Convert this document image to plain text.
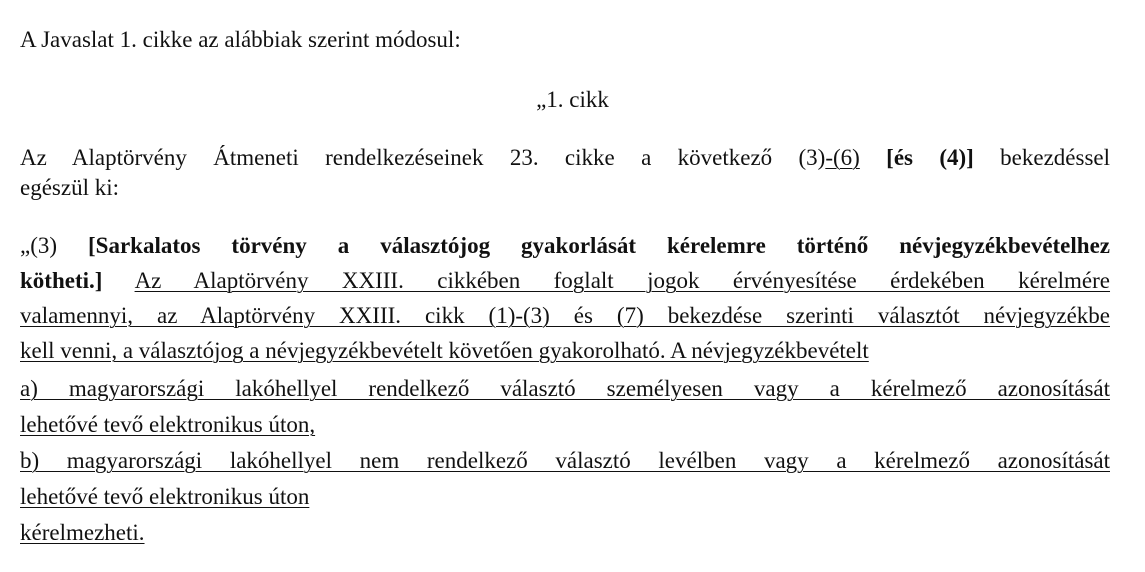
A Javaslat 1. cikke az alábbiak szerint módosul:
„1. cikk
Az Alaptörvény Átmeneti rendelkezéseinek 23. cikke a következő (3)-(6) [és (4)] bekezdéssel
egészül ki:
„(3) [Sarkalatos törvény a választójog gyakorlását kérelemre történő névjegyzékbevételhez
kötheti.] Az Alaptörvény XXIII. cikkében foglalt jogok érvényesítése érdekében kérelmére
valamennyi, az Alaptörvény XXIII. cikk (1)-(3) és (7) bekezdése szerinti választót névjegyzékbe
kell venni, a választójog a névjegyzékbevételt követően gyakorolható. A névjegyzékbevételt
a) magyarországi lakóhellyel rendelkező választó személyesen vagy a kérelmező azonosítását
lehetővé tevő elektronikus úton,
b) magyarországi lakóhellyel nem rendelkező választó levélben vagy a kérelmező azonosítását
lehetővé tevő elektronikus úton
kérelmezheti.
